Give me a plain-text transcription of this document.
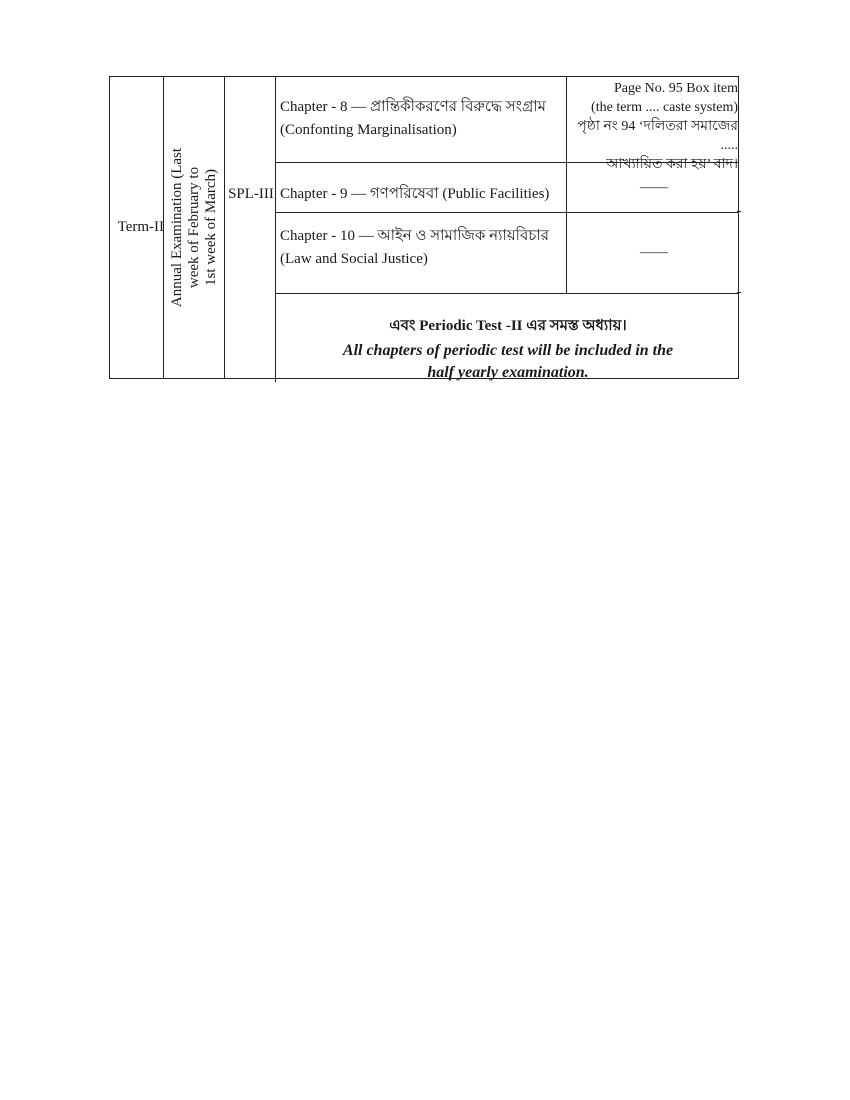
Term-II Annual Examination (Last week of February to 1st week of March) SPL-III
Chapter - 8 — প্রান্তিকীকরণের বিরুদ্ধে সংগ্রাম
(Confonting Marginalisation)
Page No. 95 Box item
(the term .... caste system)
পৃষ্ঠা নং 94 ‘দলিতরা সমাজের .....
আখ্যায়িত করা হয়’ বাদ।
Chapter - 9 — গণপরিষেবা (Public Facilities)	——
Chapter - 10 — আইন ও সামাজিক ন্যায়বিচার
(Law and Social Justice)	——
এবং Periodic Test -II এর সমস্ত অধ্যায়।
All chapters of periodic test will be included in the
half yearly examination.
